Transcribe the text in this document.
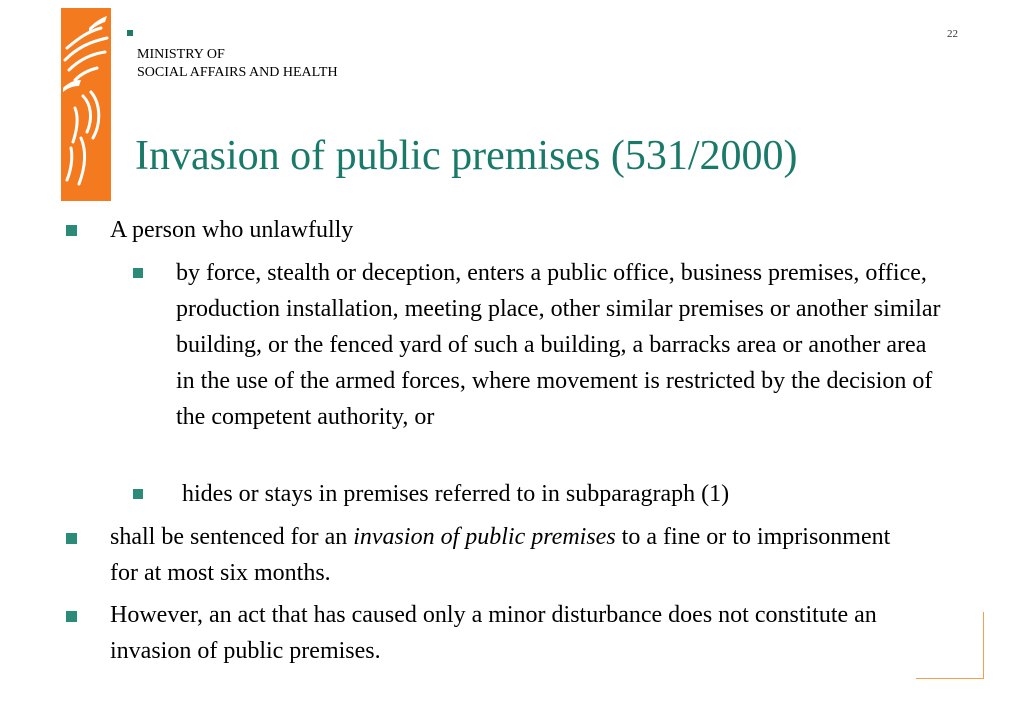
MINISTRY OF
SOCIAL AFFAIRS AND HEALTH
22
Invasion of public premises (531/2000)
A person who unlawfully
by force, stealth or deception, enters a public office, business premises, office, production installation, meeting place, other similar premises or another similar building, or the fenced yard of such a building, a barracks area or another area in the use of the armed forces, where movement is restricted by the decision of the competent authority, or
hides or stays in premises referred to in subparagraph (1)
shall be sentenced for an invasion of public premises to a fine or to imprisonment for at most six months.
However, an act that has caused only a minor disturbance does not constitute an invasion of public premises.
